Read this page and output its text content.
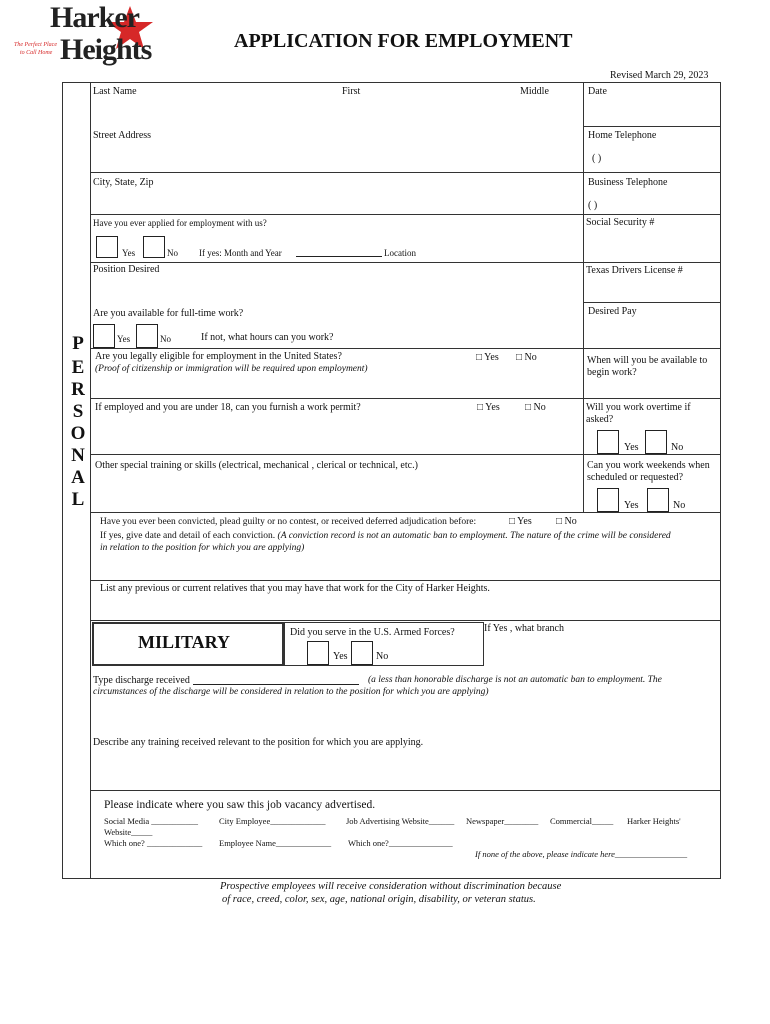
Harker
Heights
The Perfect Place
to Call Home
APPLICATION FOR EMPLOYMENT
Revised March 29, 2023
P
E
R
S
O
N
A
L
Last Name	First	Middle	Date
Street Address	Home Telephone
( )
City, State, Zip	Business Telephone
( )
Have you ever applied for employment with us?
Yes	No If yes: Month and Year	Location
Social Security #
Position Desired	Texas Drivers License #
Are you available for full-time work?
Yes	No	If not, what hours can you work?
Desired Pay
Are you legally eligible for employment in the United States?
(Proof of citizenship or immigration will be required upon employment)
□ Yes □ No	When will you be available to
begin work?
If employed and you are under 18, can you furnish a work permit?	□ Yes	□ No	Will you work overtime if
asked?
Yes	No
Other special training or skills (electrical, mechanical , clerical or technical, etc.)	Can you work weekends when
scheduled or requested?
Yes	No
Have you ever been convicted, plead guilty or no contest, or received deferred adjudication before:	□ Yes □ No
If yes, give date and detail of each conviction. (A conviction record is not an automatic ban to employment. The nature of the crime will be considered
in relation to the position for which you are applying)
List any previous or current relatives that you may have that work for the City of Harker Heights.
MILITARY	Did you serve in the U.S. Armed Forces?
Yes	No
If Yes , what branch
Type discharge received	(a less than honorable discharge is not an automatic ban to employment. The
circumstances of the discharge will be considered in relation to the position for which you are applying)
Describe any training received relevant to the position for which you are applying.
Please indicate where you saw this job vacancy advertised.
Social Media ___________ City Employee_____________ Job Advertising Website______ Newspaper________ Commercial_____ Harker Heights'
Website_____
Which one? _____________ Employee Name_____________ Which one?_______________
If none of the above, please indicate here_________________
Prospective employees will receive consideration without discrimination because
of race, creed, color, sex, age, national origin, disability, or veteran status.
